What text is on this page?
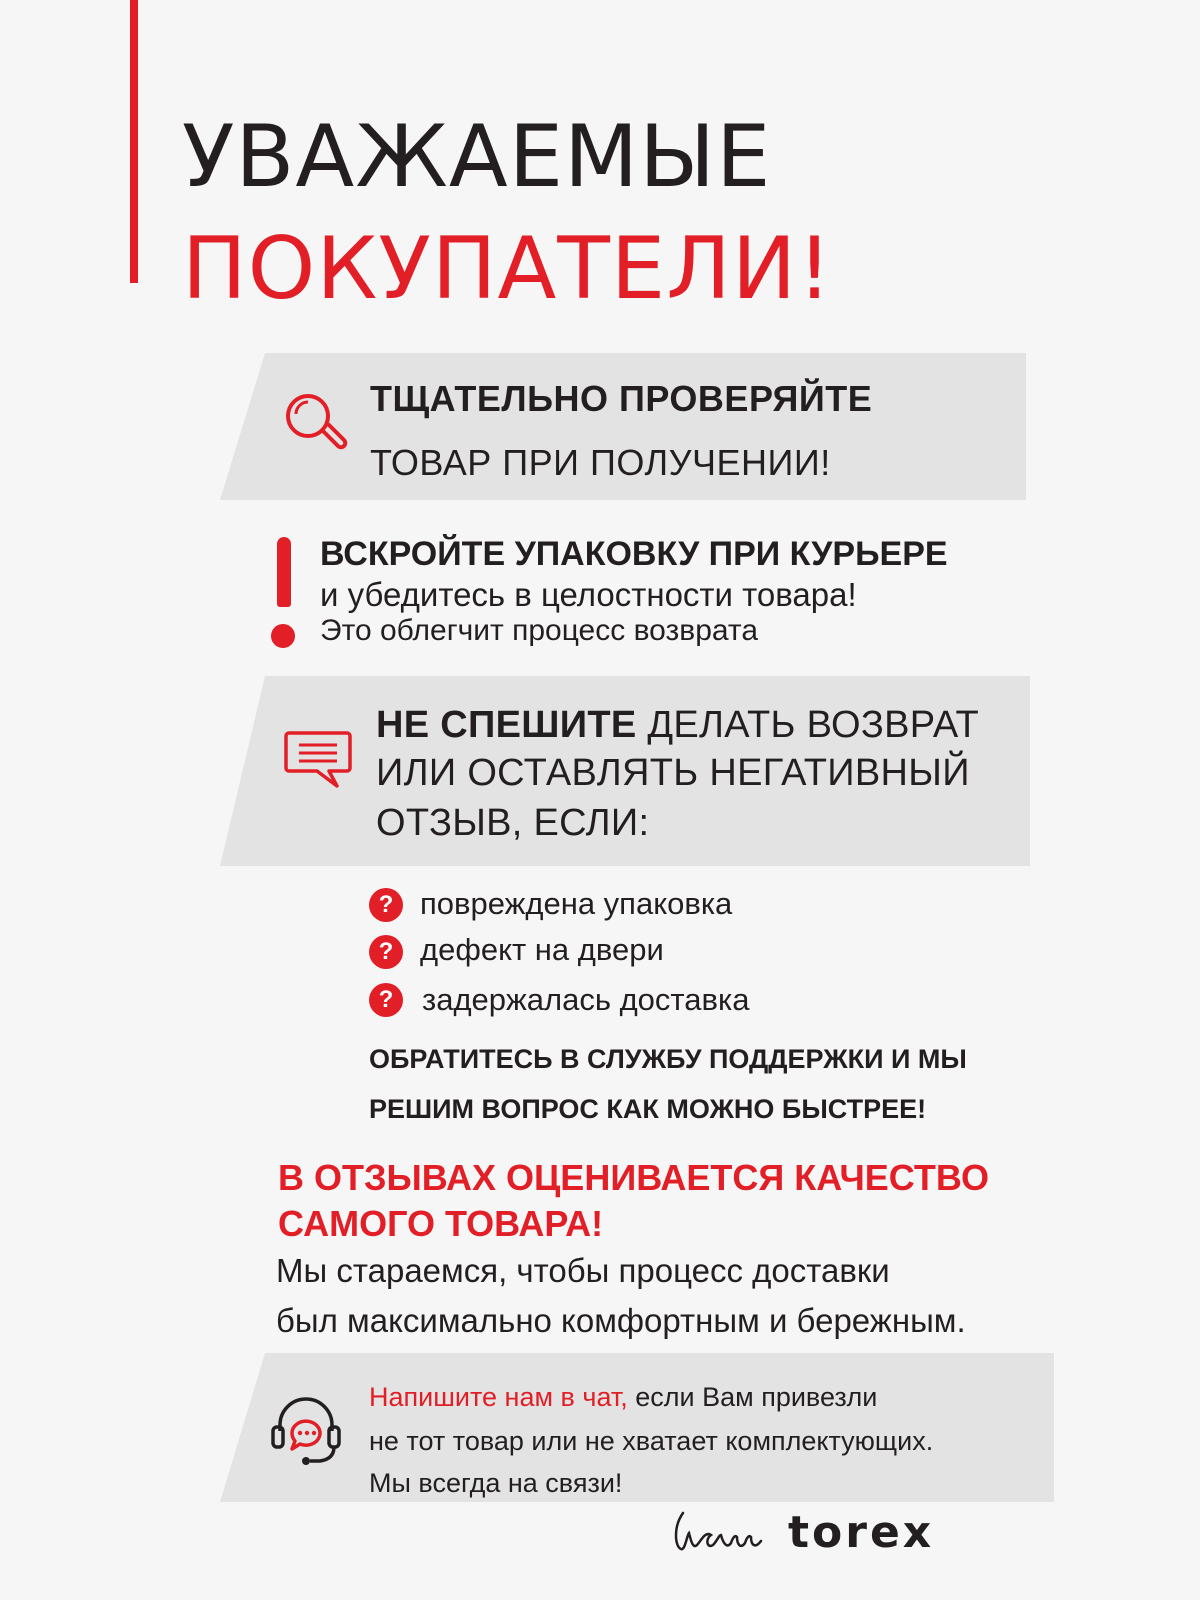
УВАЖАЕМЫЕ
ПОКУПАТЕЛИ!
ТЩАТЕЛЬНО ПРОВЕРЯЙТЕ
ТОВАР ПРИ ПОЛУЧЕНИИ!
ВСКРОЙТЕ УПАКОВКУ ПРИ КУРЬЕРЕ
и убедитесь в целостности товара!
Это облегчит процесс возврата
НЕ СПЕШИТЕ ДЕЛАТЬ ВОЗВРАТ
ИЛИ ОСТАВЛЯТЬ НЕГАТИВНЫЙ
ОТЗЫВ, ЕСЛИ:
? повреждена упаковка
? дефект на двери
? задержалась доставка
ОБРАТИТЕСЬ В СЛУЖБУ ПОДДЕРЖКИ И МЫ
РЕШИМ ВОПРОС КАК МОЖНО БЫСТРЕЕ!
В ОТЗЫВАХ ОЦЕНИВАЕТСЯ КАЧЕСТВО
САМОГО ТОВАРА!
Мы стараемся, чтобы процесс доставки
был максимально комфортным и бережным.
Напишите нам в чат, если Вам привезли
не тот товар или не хватает комплектующих.
Мы всегда на связи!
torex
